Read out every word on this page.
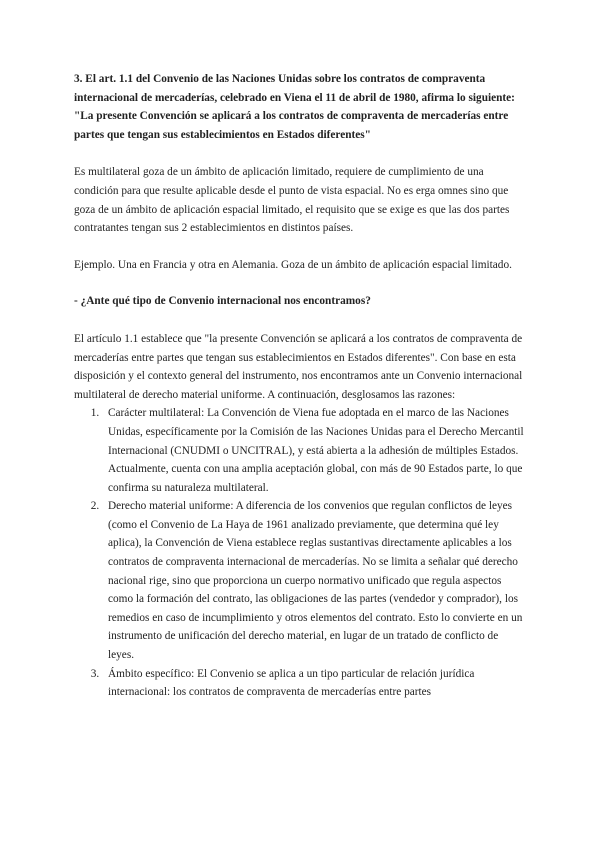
3. El art. 1.1 del Convenio de las Naciones Unidas sobre los contratos de compraventa internacional de mercaderías, celebrado en Viena el 11 de abril de 1980, afirma lo siguiente: "La presente Convención se aplicará a los contratos de compraventa de mercaderías entre partes que tengan sus establecimientos en Estados diferentes"

Es multilateral goza de un ámbito de aplicación limitado, requiere de cumplimiento de una condición para que resulte aplicable desde el punto de vista espacial. No es erga omnes sino que goza de un ámbito de aplicación espacial limitado, el requisito que se exige es que las dos partes contratantes tengan sus 2 establecimientos en distintos países.

Ejemplo. Una en Francia y otra en Alemania. Goza de un ámbito de aplicación espacial limitado.

- ¿Ante qué tipo de Convenio internacional nos encontramos?

El artículo 1.1 establece que "la presente Convención se aplicará a los contratos de compraventa de mercaderías entre partes que tengan sus establecimientos en Estados diferentes". Con base en esta disposición y el contexto general del instrumento, nos encontramos ante un Convenio internacional multilateral de derecho material uniforme. A continuación, desglosamos las razones:

1. Carácter multilateral: La Convención de Viena fue adoptada en el marco de las Naciones Unidas, específicamente por la Comisión de las Naciones Unidas para el Derecho Mercantil Internacional (CNUDMI o UNCITRAL), y está abierta a la adhesión de múltiples Estados. Actualmente, cuenta con una amplia aceptación global, con más de 90 Estados parte, lo que confirma su naturaleza multilateral.
2. Derecho material uniforme: A diferencia de los convenios que regulan conflictos de leyes (como el Convenio de La Haya de 1961 analizado previamente, que determina qué ley aplica), la Convención de Viena establece reglas sustantivas directamente aplicables a los contratos de compraventa internacional de mercaderías. No se limita a señalar qué derecho nacional rige, sino que proporciona un cuerpo normativo unificado que regula aspectos como la formación del contrato, las obligaciones de las partes (vendedor y comprador), los remedios en caso de incumplimiento y otros elementos del contrato. Esto lo convierte en un instrumento de unificación del derecho material, en lugar de un tratado de conflicto de leyes.
3. Ámbito específico: El Convenio se aplica a un tipo particular de relación jurídica internacional: los contratos de compraventa de mercaderías entre partes
